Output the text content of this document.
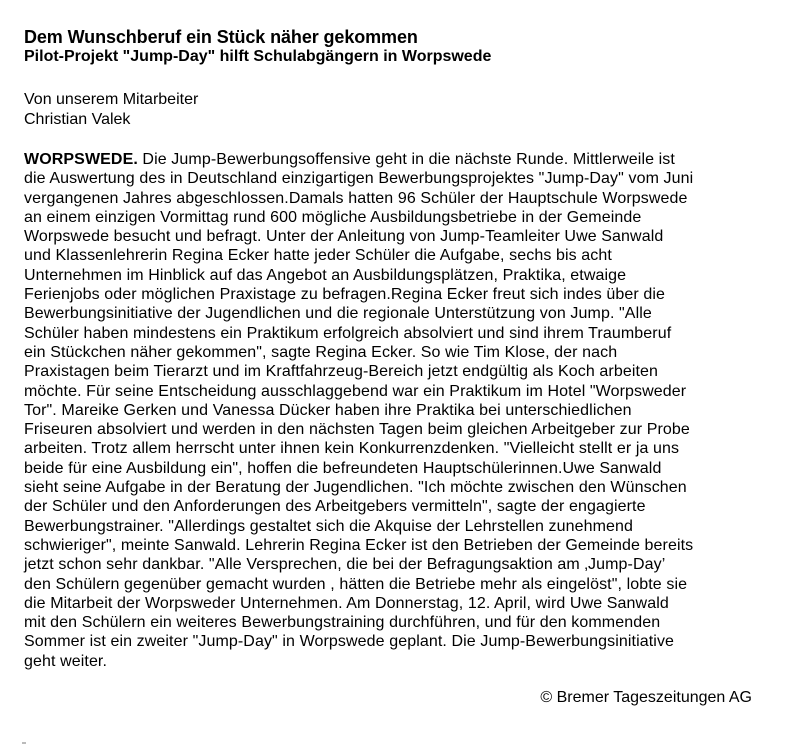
Dem Wunschberuf ein Stück näher gekommen
Pilot-Projekt "Jump-Day" hilft Schulabgängern in Worpswede
Von unserem Mitarbeiter
Christian Valek
WORPSWEDE. Die Jump-Bewerbungsoffensive geht in die nächste Runde. Mittlerweile ist
die Auswertung des in Deutschland einzigartigen Bewerbungsprojektes "Jump-Day" vom Juni
vergangenen Jahres abgeschlossen.Damals hatten 96 Schüler der Hauptschule Worpswede
an einem einzigen Vormittag rund 600 mögliche Ausbildungsbetriebe in der Gemeinde
Worpswede besucht und befragt. Unter der Anleitung von Jump-Teamleiter Uwe Sanwald
und Klassenlehrerin Regina Ecker hatte jeder Schüler die Aufgabe, sechs bis acht
Unternehmen im Hinblick auf das Angebot an Ausbildungsplätzen, Praktika, etwaige
Ferienjobs oder möglichen Praxistage zu befragen.Regina Ecker freut sich indes über die
Bewerbungsinitiative der Jugendlichen und die regionale Unterstützung von Jump. "Alle
Schüler haben mindestens ein Praktikum erfolgreich absolviert und sind ihrem Traumberuf
ein Stückchen näher gekommen", sagte Regina Ecker. So wie Tim Klose, der nach
Praxistagen beim Tierarzt und im Kraftfahrzeug-Bereich jetzt endgültig als Koch arbeiten
möchte. Für seine Entscheidung ausschlaggebend war ein Praktikum im Hotel "Worpsweder
Tor". Mareike Gerken und Vanessa Dücker haben ihre Praktika bei unterschiedlichen
Friseuren absolviert und werden in den nächsten Tagen beim gleichen Arbeitgeber zur Probe
arbeiten. Trotz allem herrscht unter ihnen kein Konkurrenzdenken. "Vielleicht stellt er ja uns
beide für eine Ausbildung ein", hoffen die befreundeten Hauptschülerinnen.Uwe Sanwald
sieht seine Aufgabe in der Beratung der Jugendlichen. "Ich möchte zwischen den Wünschen
der Schüler und den Anforderungen des Arbeitgebers vermitteln", sagte der engagierte
Bewerbungstrainer. "Allerdings gestaltet sich die Akquise der Lehrstellen zunehmend
schwieriger", meinte Sanwald. Lehrerin Regina Ecker ist den Betrieben der Gemeinde bereits
jetzt schon sehr dankbar. "Alle Versprechen, die bei der Befragungsaktion am ‚Jump-Day’
den Schülern gegenüber gemacht wurden , hätten die Betriebe mehr als eingelöst", lobte sie
die Mitarbeit der Worpsweder Unternehmen. Am Donnerstag, 12. April, wird Uwe Sanwald
mit den Schülern ein weiteres Bewerbungstraining durchführen, und für den kommenden
Sommer ist ein zweiter "Jump-Day" in Worpswede geplant. Die Jump-Bewerbungsinitiative
geht weiter.

© Bremer Tageszeitungen AG
